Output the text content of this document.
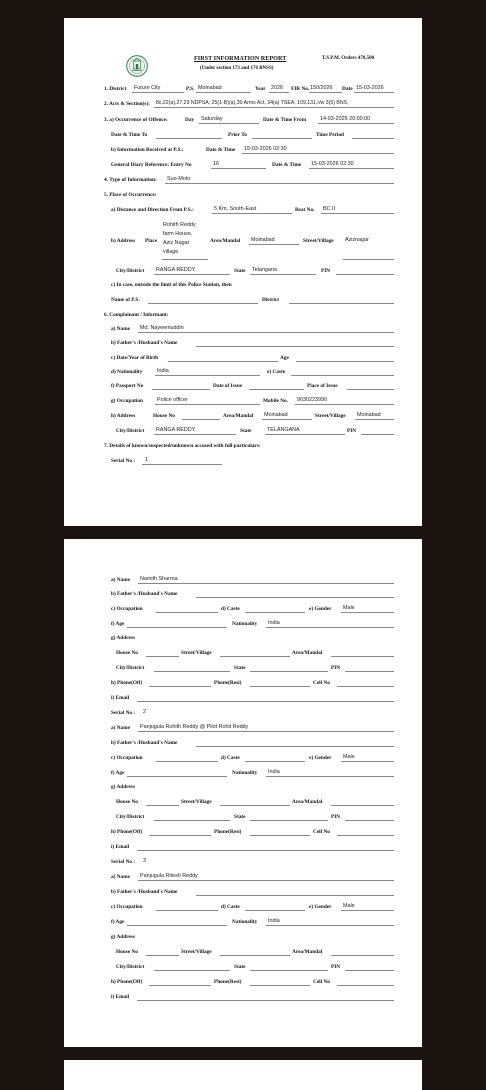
FIRST INFORMATION REPORT	T.S.P.M. Orders 470,500
(Under section 173 and 176 BNSS)
1. District Future City	P.S. Moinabad	Year 2026 FIR No. 150/2026 Date 15-03-2026
2. Acts & Section(s): 8c,22(a),27,29 NDPSA, 25(1-B)(a),30 Arms Act, 34(a) TSEA, 109,131,r/w 3(5) BNS,
3. a) Occurrence of Offence:	Day Saturday	Date & Time From	14-03-2026 20:00:00
Date & Time To	Prior To	Time Period
b) Information Received at P.S.:	Date & Time 15-03-2026 02:30
General Diary Reference: Entry No	16	Date & Time 15-03-2026 02:30
4. Type of Information: Suo-Moto
5. Place of Occurrence:
a) Distance and Direction From P.S.:	5 Km, South-East	Beat No. BC II
b) Address Place
Rohith Reddy
farm House,
Aziz Nagar
village
Area/Mandal Moinabad	Street/Village Aziznagar
City/District RANGA REDDY	State Telangana	PIN
c) In case, outside the limit of this Police Station, then
Name of P.S.	District
6. Complainant / Informant:
a) Name Md. Nayeemuddin
b) Father's /Husband's Name
c) Date/Year of Birth	Age
d) Nationality	India	e) Caste
f) Passport No	Date of Issue	Place of Issue
g) Occupation	Police officer	Mobile No. 9030223990
h) Address	House No	Area/Mandal Moinabad	Street/Village Moinabad
City/District RANGA REDDY	State	TELANGANA	PIN
7. Details of known/suspected/unknown accused with full particulars:
Serial No : 1
a) Name Namith Sharma
b) Father's /Husband's Name
c) Occupation	d) Caste	e) Gender Male
f) Age	Nationality India
g) Address
House No	Street/Village	Area/Mandal
City/District	State	PIN
h) Phone(Off)	Phone(Resi)	Cell No
i) Email
Serial No : 2
a) Name Panjugula Rohith Reddy @ Pilot Rohit Reddy
b) Father's /Husband's Name
c) Occupation	d) Caste	e) Gender Male
f) Age	Nationality India
g) Address
House No	Street/Village	Area/Mandal
City/District	State	PIN
h) Phone(Off)	Phone(Resi)	Cell No
i) Email
Serial No : 3
a) Name Panjugula Ritesh Reddy
b) Father's /Husband's Name
c) Occupation	d) Caste	e) Gender Male
f) Age	Nationality India
g) Address
House No	Street/Village	Area/Mandal
City/District	State	PIN
h) Phone(Off)	Phone(Resi)	Cell No
i) Email
